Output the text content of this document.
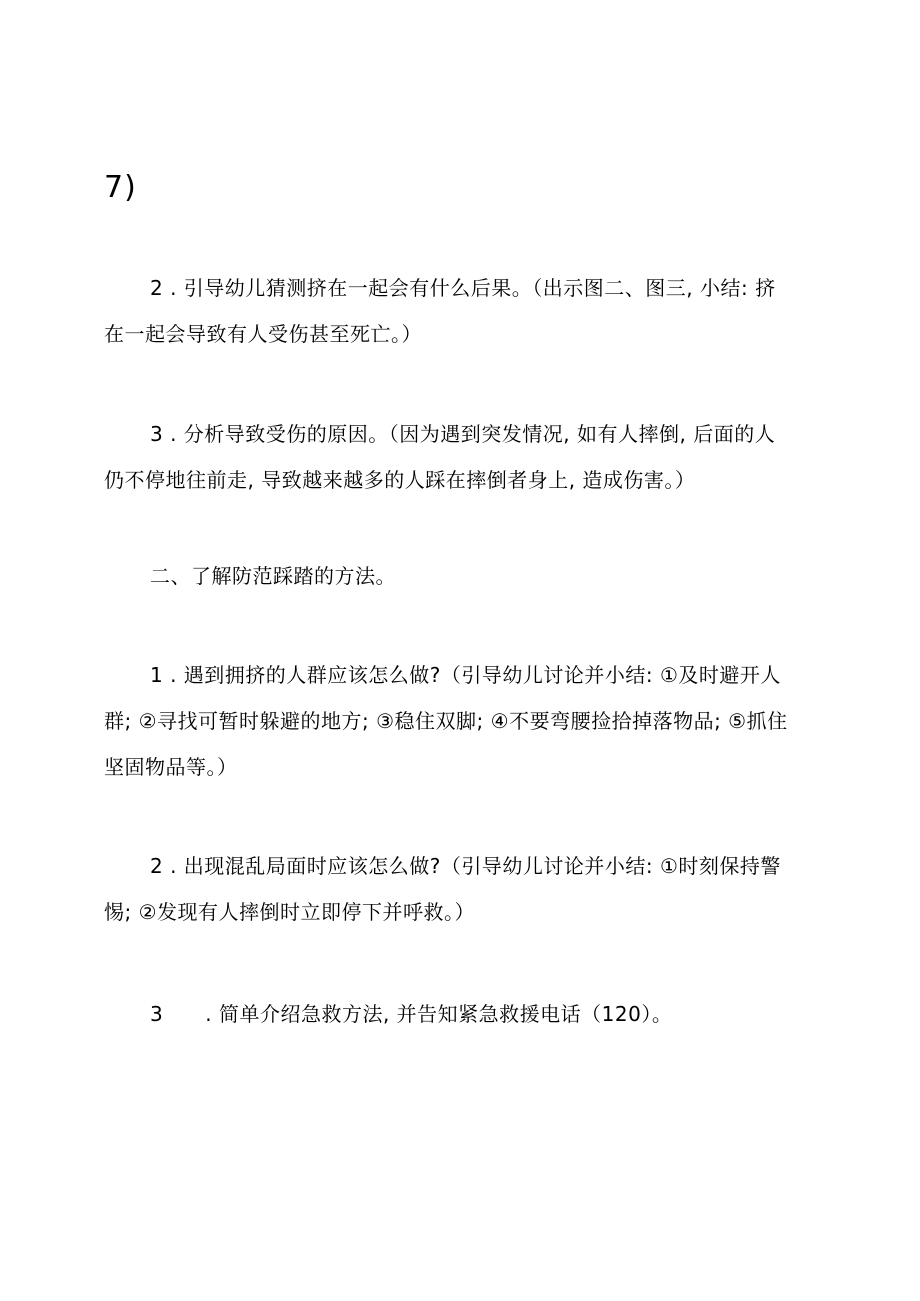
7)
2 . 引导幼儿猜测挤在一起会有什么后果。（出示图二、图三, 小结: 挤
在一起会导致有人受伤甚至死亡。）
3 . 分析导致受伤的原因。（因为遇到突发情况, 如有人摔倒, 后面的人
仍不停地往前走, 导致越来越多的人踩在摔倒者身上, 造成伤害。）
二、了解防范踩踏的方法。
1 . 遇到拥挤的人群应该怎么做?（引导幼儿讨论并小结: ①及时避开人
群; ②寻找可暂时躲避的地方; ③稳住双脚; ④不要弯腰捡拾掉落物品; ⑤抓住
坚固物品等。）
2 . 出现混乱局面时应该怎么做?（引导幼儿讨论并小结: ①时刻保持警
惕; ②发现有人摔倒时立即停下并呼救。）
3 . 简单介绍急救方法, 并告知紧急救援电话（120）。
